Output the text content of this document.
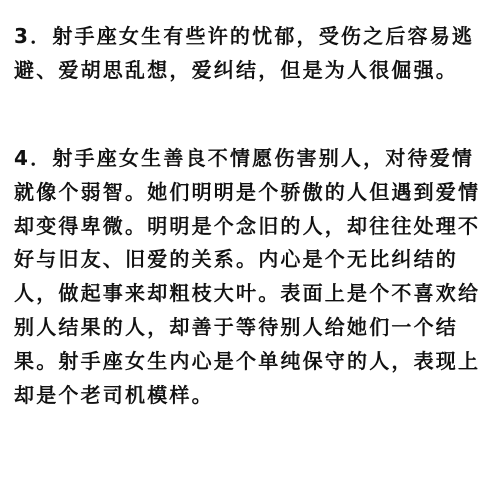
3．射手座女生有些许的忧郁，受伤之后容易逃避、爱胡思乱想，爱纠结，但是为人很倔强。

4．射手座女生善良不情愿伤害别人，对待爱情就像个弱智。她们明明是个骄傲的人但遇到爱情却变得卑微。明明是个念旧的人，却往往处理不好与旧友、旧爱的关系。内心是个无比纠结的人，做起事来却粗枝大叶。表面上是个不喜欢给别人结果的人，却善于等待别人给她们一个结果。射手座女生内心是个单纯保守的人，表现上却是个老司机模样。
